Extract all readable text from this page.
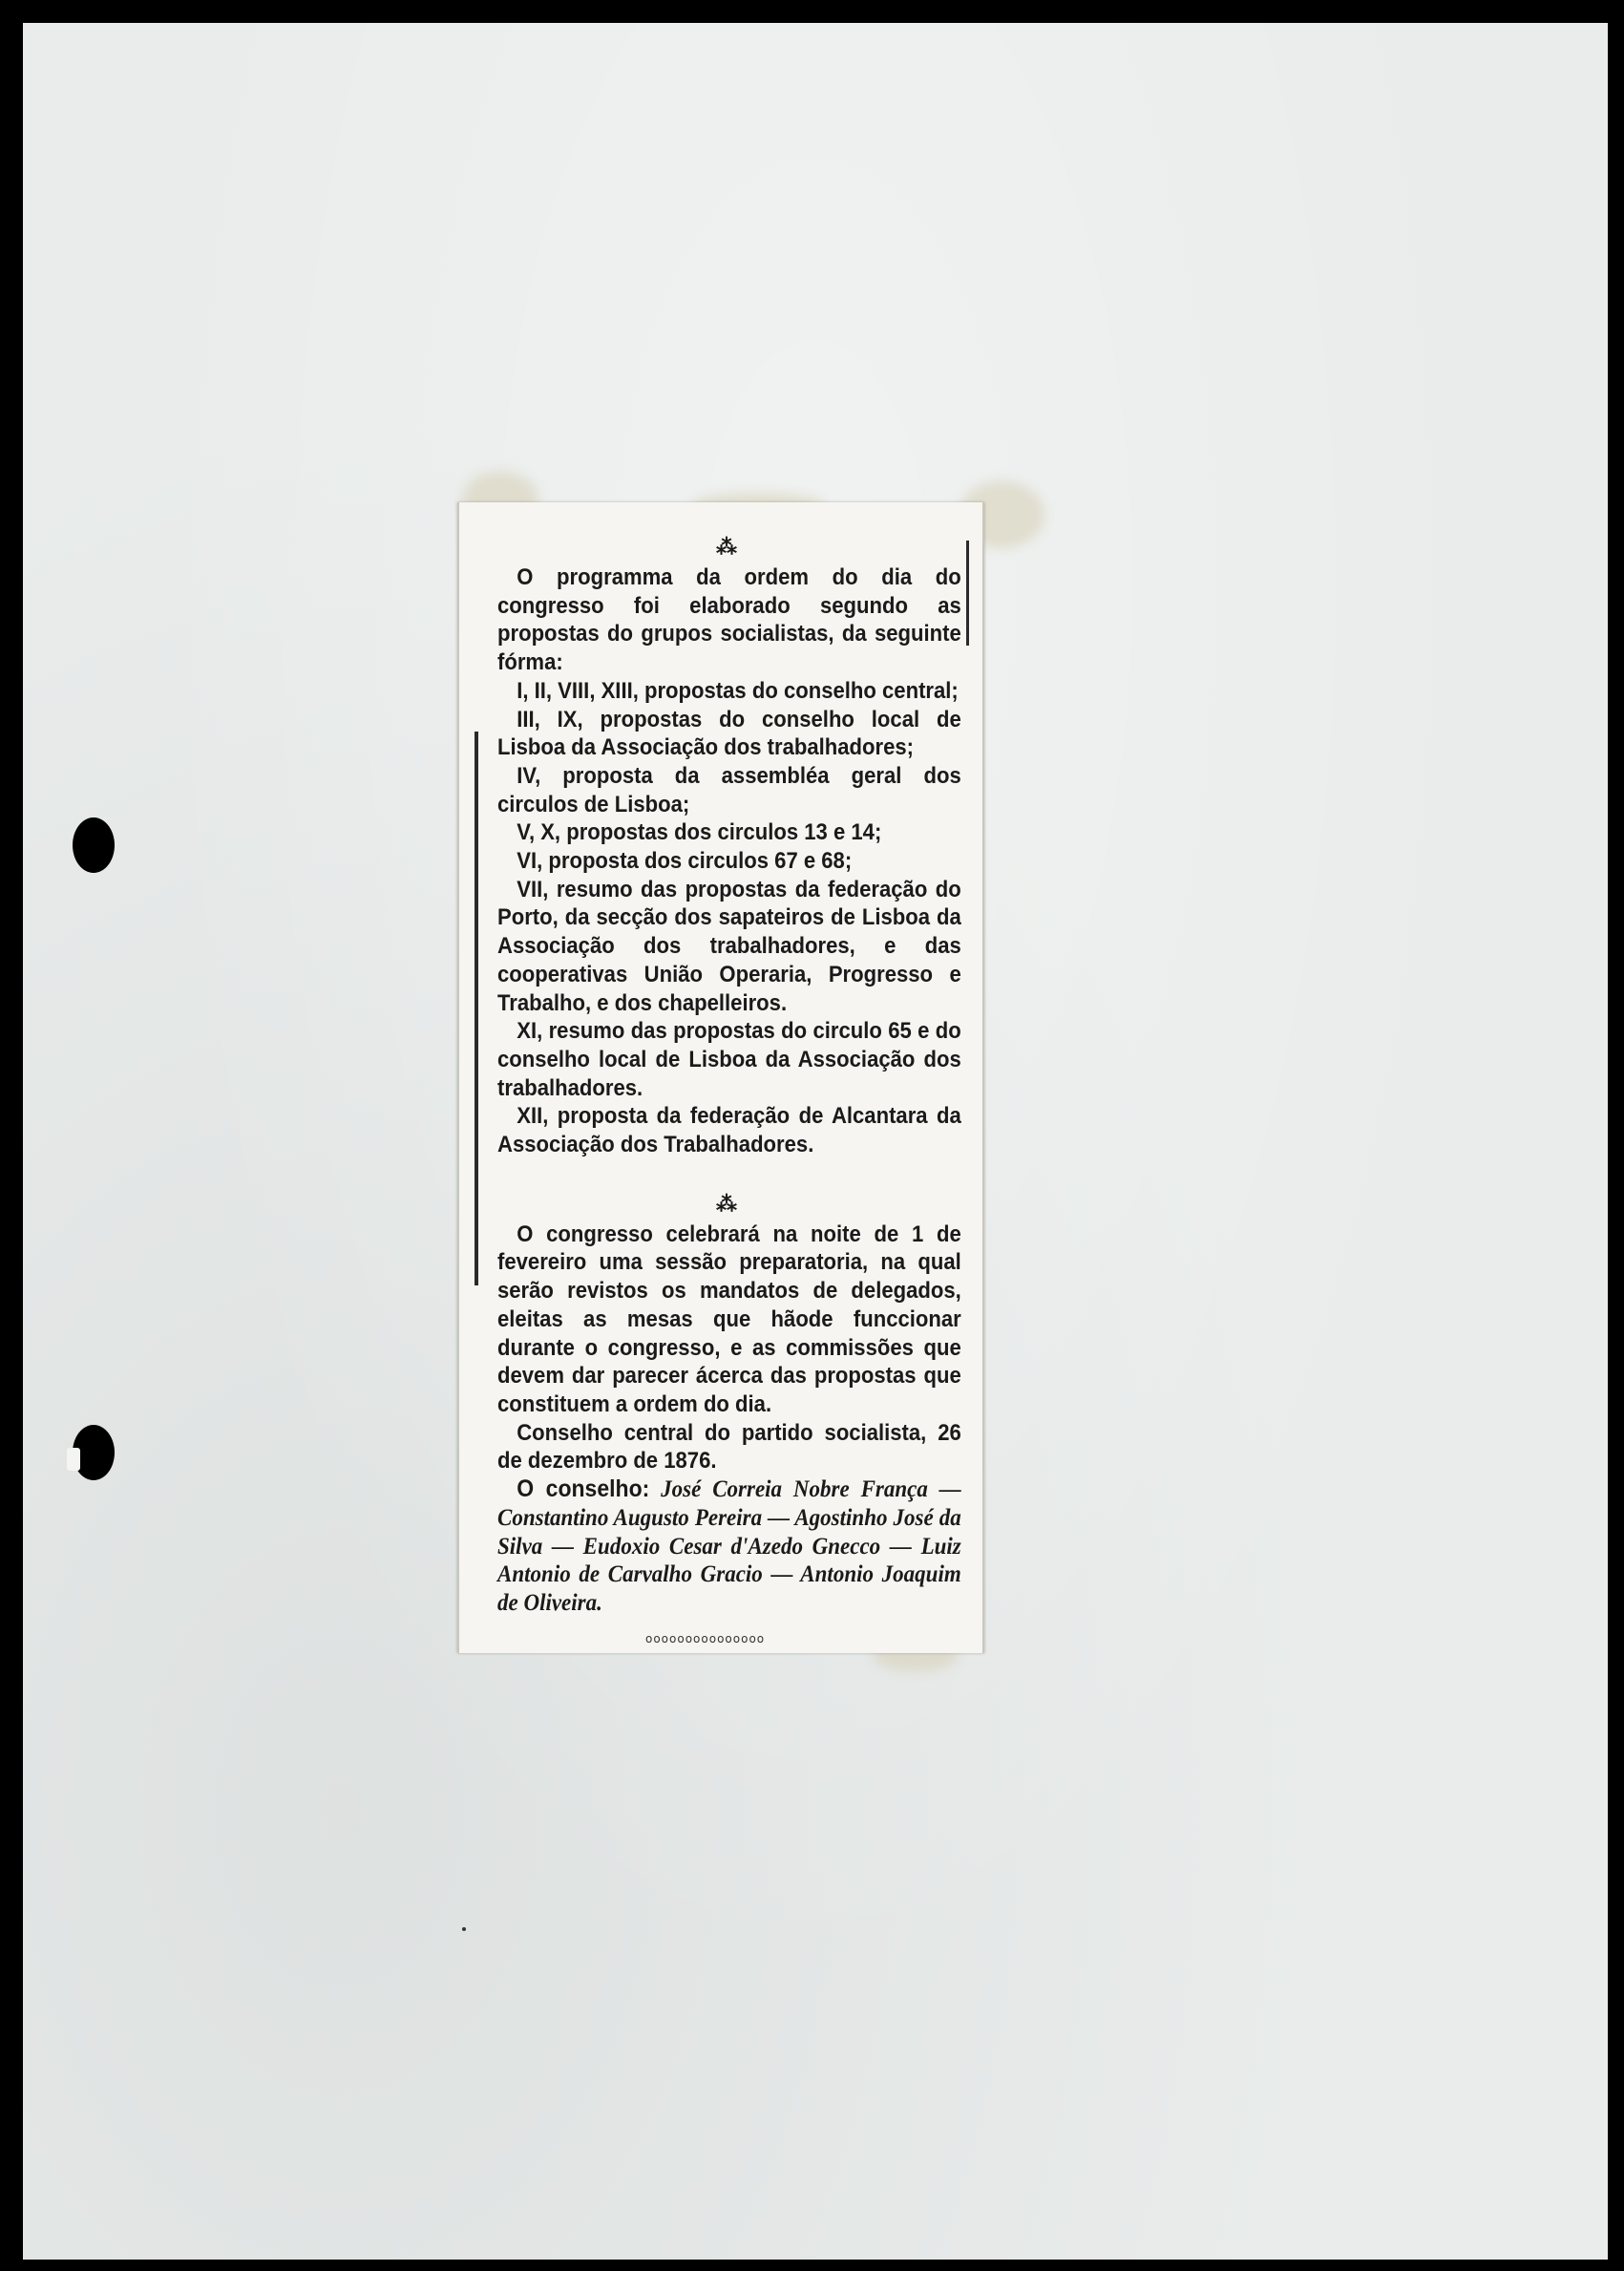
⁂

O programma da ordem do dia do congresso foi elaborado segundo as propostas do grupos socialistas, da seguinte fórma:

I, II, VIII, XIII, propostas do conselho central;

III, IX, propostas do conselho local de Lisboa da Associação dos trabalhadores;

IV, proposta da assembléa geral dos circulos de Lisboa;

V, X, propostas dos circulos 13 e 14;

VI, proposta dos circulos 67 e 68;

VII, resumo das propostas da federação do Porto, da secção dos sapateiros de Lisboa da Associação dos trabalhadores, e das cooperativas União Operaria, Progresso e Trabalho, e dos chapelleiros.

XI, resumo das propostas do circulo 65 e do conselho local de Lisboa da Associação dos trabalhadores.

XII, proposta da federação de Alcantara da Associação dos Trabalhadores.

⁂

O congresso celebrará na noite de 1 de fevereiro uma sessão preparatoria, na qual serão revistos os mandatos de delegados, eleitas as mesas que hãode funccionar durante o congresso, e as commissões que devem dar parecer ácerca das propostas que constituem a ordem do dia.

Conselho central do partido socialista, 26 de dezembro de 1876.

O conselho: José Correia Nobre França — Constantino Augusto Pereira — Agostinho José da Silva — Eudoxio Cesar d'Azedo Gnecco — Luiz Antonio de Carvalho Gracio — Antonio Joaquim de Oliveira.

ooooooooooooooo
